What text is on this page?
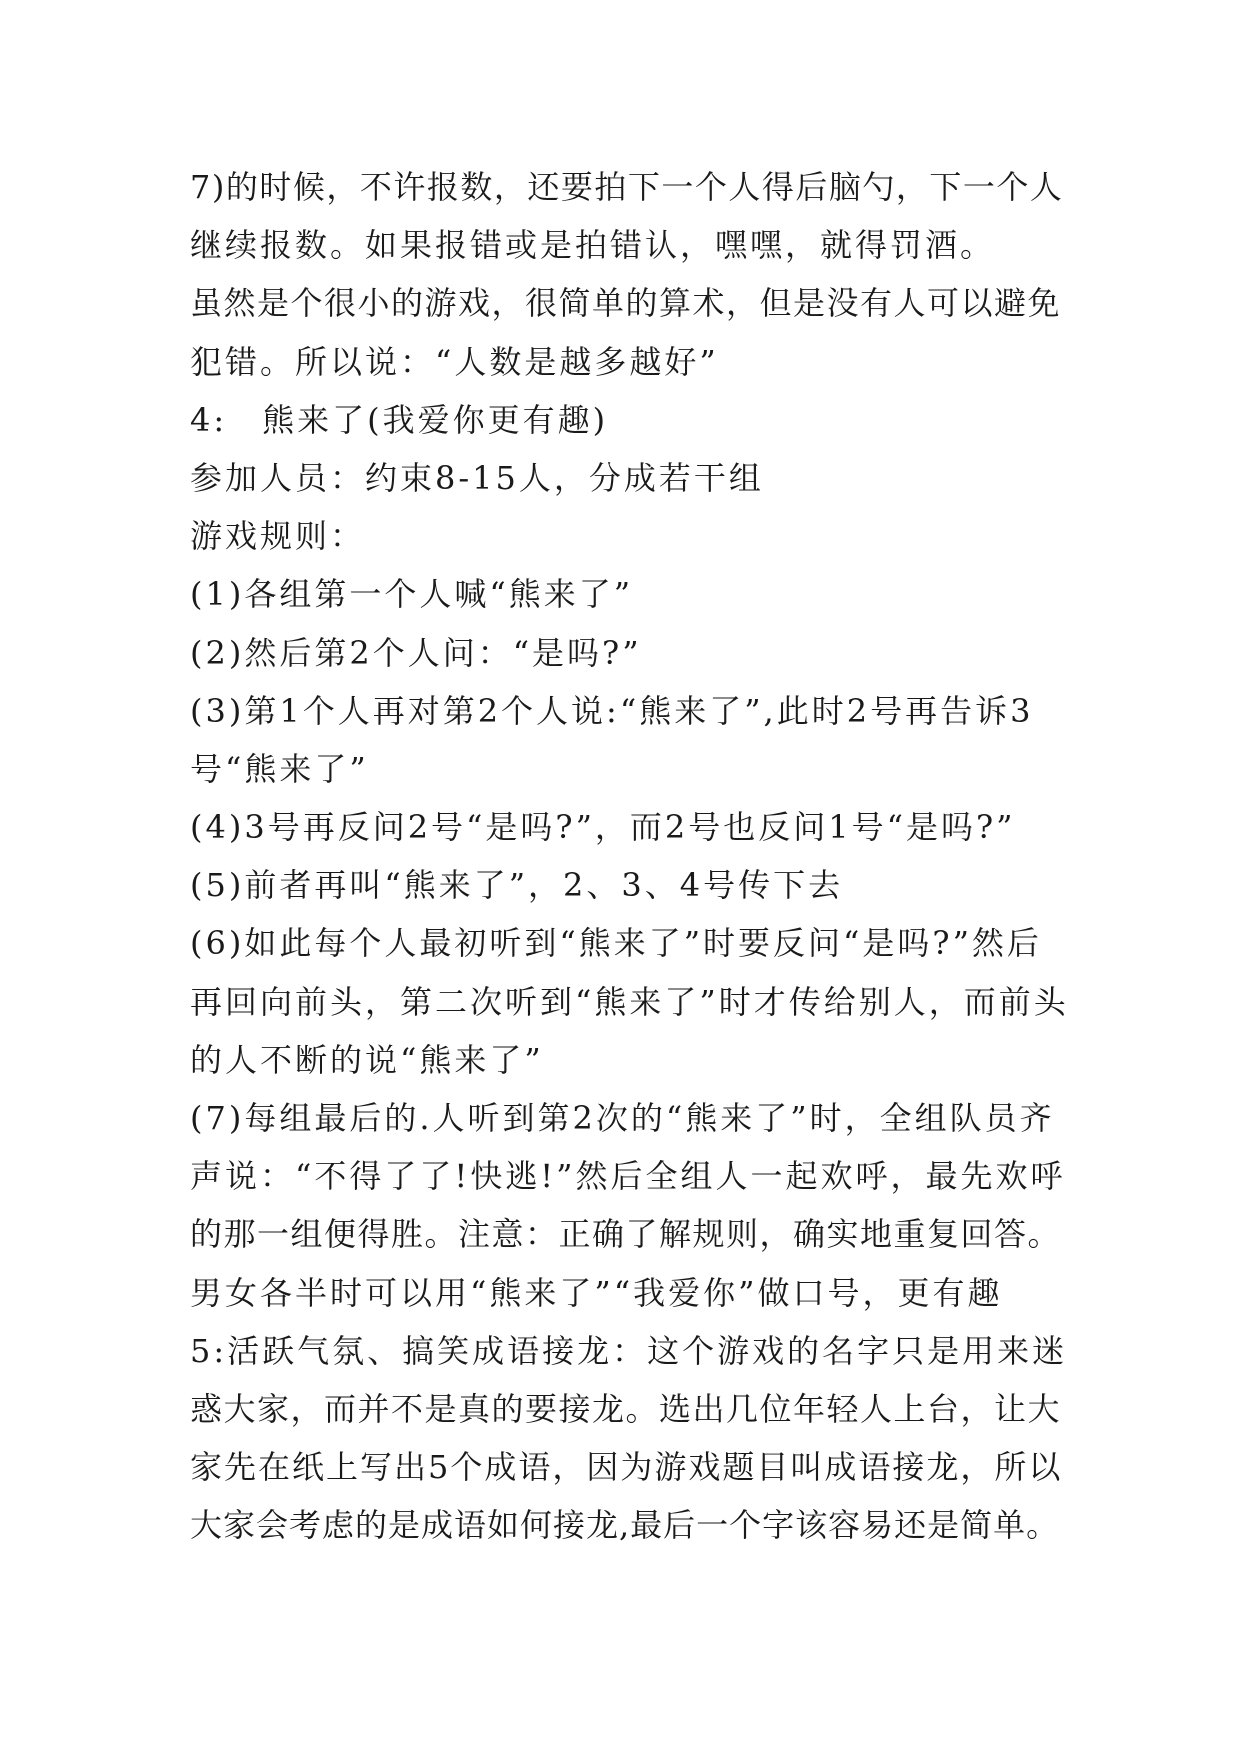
7)的时候，不许报数，还要拍下一个人得后脑勺，下一个人
继续报数。如果报错或是拍错认，嘿嘿，就得罚酒。
虽然是个很小的游戏，很简单的算术，但是没有人可以避免
犯错。所以说：“人数是越多越好”
4:　熊来了(我爱你更有趣)
参加人员：约束8-15人，分成若干组
游戏规则：
(1)各组第一个人喊“熊来了”
(2)然后第2个人问：“是吗?”
(3)第1个人再对第2个人说:“熊来了”,此时2号再告诉3
号“熊来了”
(4)3号再反问2号“是吗?”，而2号也反问1号“是吗?”
(5)前者再叫“熊来了”，2、3、4号传下去
(6)如此每个人最初听到“熊来了”时要反问“是吗?”然后
再回向前头，第二次听到“熊来了”时才传给别人，而前头
的人不断的说“熊来了”
(7)每组最后的.人听到第2次的“熊来了”时，全组队员齐
声说：“不得了了!快逃!”然后全组人一起欢呼，最先欢呼
的那一组便得胜。注意：正确了解规则，确实地重复回答。
男女各半时可以用“熊来了”“我爱你”做口号，更有趣
5:活跃气氛、搞笑成语接龙：这个游戏的名字只是用来迷
惑大家，而并不是真的要接龙。选出几位年轻人上台，让大
家先在纸上写出5个成语，因为游戏题目叫成语接龙，所以
大家会考虑的是成语如何接龙,最后一个字该容易还是简单。
